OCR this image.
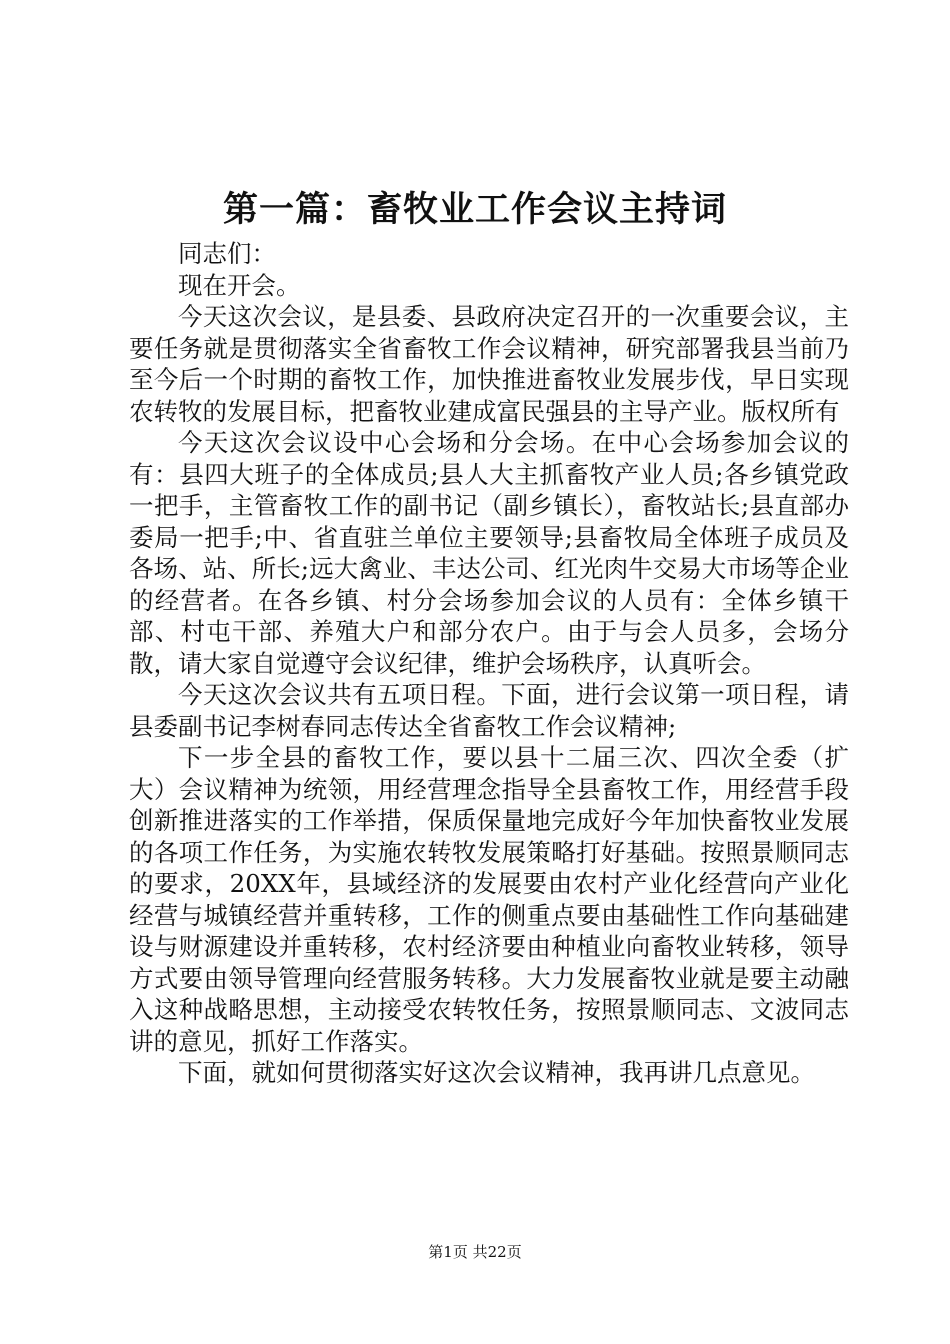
第一篇：畜牧业工作会议主持词

同志们：

现在开会。

今天这次会议，是县委、县政府决定召开的一次重要会议，主要任务就是贯彻落实全省畜牧工作会议精神，研究部署我县当前乃至今后一个时期的畜牧工作，加快推进畜牧业发展步伐，早日实现农转牧的发展目标，把畜牧业建成富民强县的主导产业。版权所有

今天这次会议设中心会场和分会场。在中心会场参加会议的有：县四大班子的全体成员;县人大主抓畜牧产业人员;各乡镇党政一把手，主管畜牧工作的副书记（副乡镇长），畜牧站长;县直部办委局一把手;中、省直驻兰单位主要领导;县畜牧局全体班子成员及各场、站、所长;远大禽业、丰达公司、红光肉牛交易大市场等企业的经营者。在各乡镇、村分会场参加会议的人员有：全体乡镇干部、村屯干部、养殖大户和部分农户。由于与会人员多，会场分散，请大家自觉遵守会议纪律，维护会场秩序，认真听会。

今天这次会议共有五项日程。下面，进行会议第一项日程，请县委副书记李树春同志传达全省畜牧工作会议精神;

下一步全县的畜牧工作，要以县十二届三次、四次全委（扩大）会议精神为统领，用经营理念指导全县畜牧工作，用经营手段创新推进落实的工作举措，保质保量地完成好今年加快畜牧业发展的各项工作任务，为实施农转牧发展策略打好基础。按照景顺同志的要求，20XX年，县域经济的发展要由农村产业化经营向产业化经营与城镇经营并重转移，工作的侧重点要由基础性工作向基础建设与财源建设并重转移，农村经济要由种植业向畜牧业转移，领导方式要由领导管理向经营服务转移。大力发展畜牧业就是要主动融入这种战略思想，主动接受农转牧任务，按照景顺同志、文波同志讲的意见，抓好工作落实。

下面，就如何贯彻落实好这次会议精神，我再讲几点意见。

第1页 共22页
